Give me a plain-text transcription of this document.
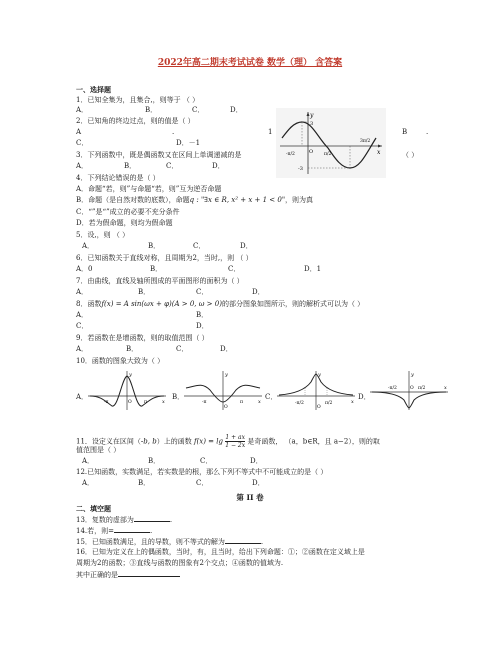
2022年高二期末考试试卷 数学（理） 含答案
一、选择题
1．已知全集为，且集合,，则等于 （ ）
A．	B．	C．	D．
2．已知角的终边过点，则的值是（ ）
A	.	1	B	.
C．	D．－1
y
x
O
3
-3
-π/2	π/2
3π/2
3．下列函数中，既是偶函数又在区间上单调递减的是	（ ）
A．	B．	C．	D．
4．下列结论错误的是（ ）
A．命题“若，则”与命题“若，则”互为逆否命题
B．命题（是自然对数的底数），命题q : "∃x ∈ R, x² + x + 1 < 0"，则为真
C．“”是“”成立的必要不充分条件
D．若为假命题，则均为假命题
5．设,，则 （ ）
A．	B．	C．	D．
6．已知函数关于直线对称，且周期为2，当时,，则 （ ）
A．0	B．	C．	D．1
7．由曲线，直线及轴所围成的平面图形的面积为（ ）
A．	B．	C．	D．
8．函数f(x) = A sin(ωx + φ)(A > 0, ω > 0)的部分图象如图所示，则的解析式可以为（ ）
A．	B．
C．	D．
9．若函数在是增函数，则的取值范围（ ）
A．	B．	C．	D．
10．函数的图象大致为（ ）
A．
y
x
O
-π	π
B．
y
x
O
-π	π
C．
y
x
O
-π/2	π/2
D．
y
x
O
-π/2	π/2
11．设定义在区间（-b, b）上的函数 $f(x) = \lg \frac{1 + ax}{1 - 2x}$ 是奇函数， （a，b∈R，且 a−2），则的取
值范围是（ ）
A．	B．	C．	D．
12.已知函数，实数满足，若实数是的根，那么下列不等式中不可能成立的是（ ）
A．	B．	C．	D．
第 II 卷
二、填空题
13．复数的虚部为	.
14.若，则=	.
15．已知函数满足，且的导数，则不等式的解为	.
16．已知为定义在上的偶函数，当时，有，且当时，给出下列命题：①；②函数在定义域上是
周期为2的函数；③直线与函数的图象有2个交点；④函数的值域为.
其中正确的是
